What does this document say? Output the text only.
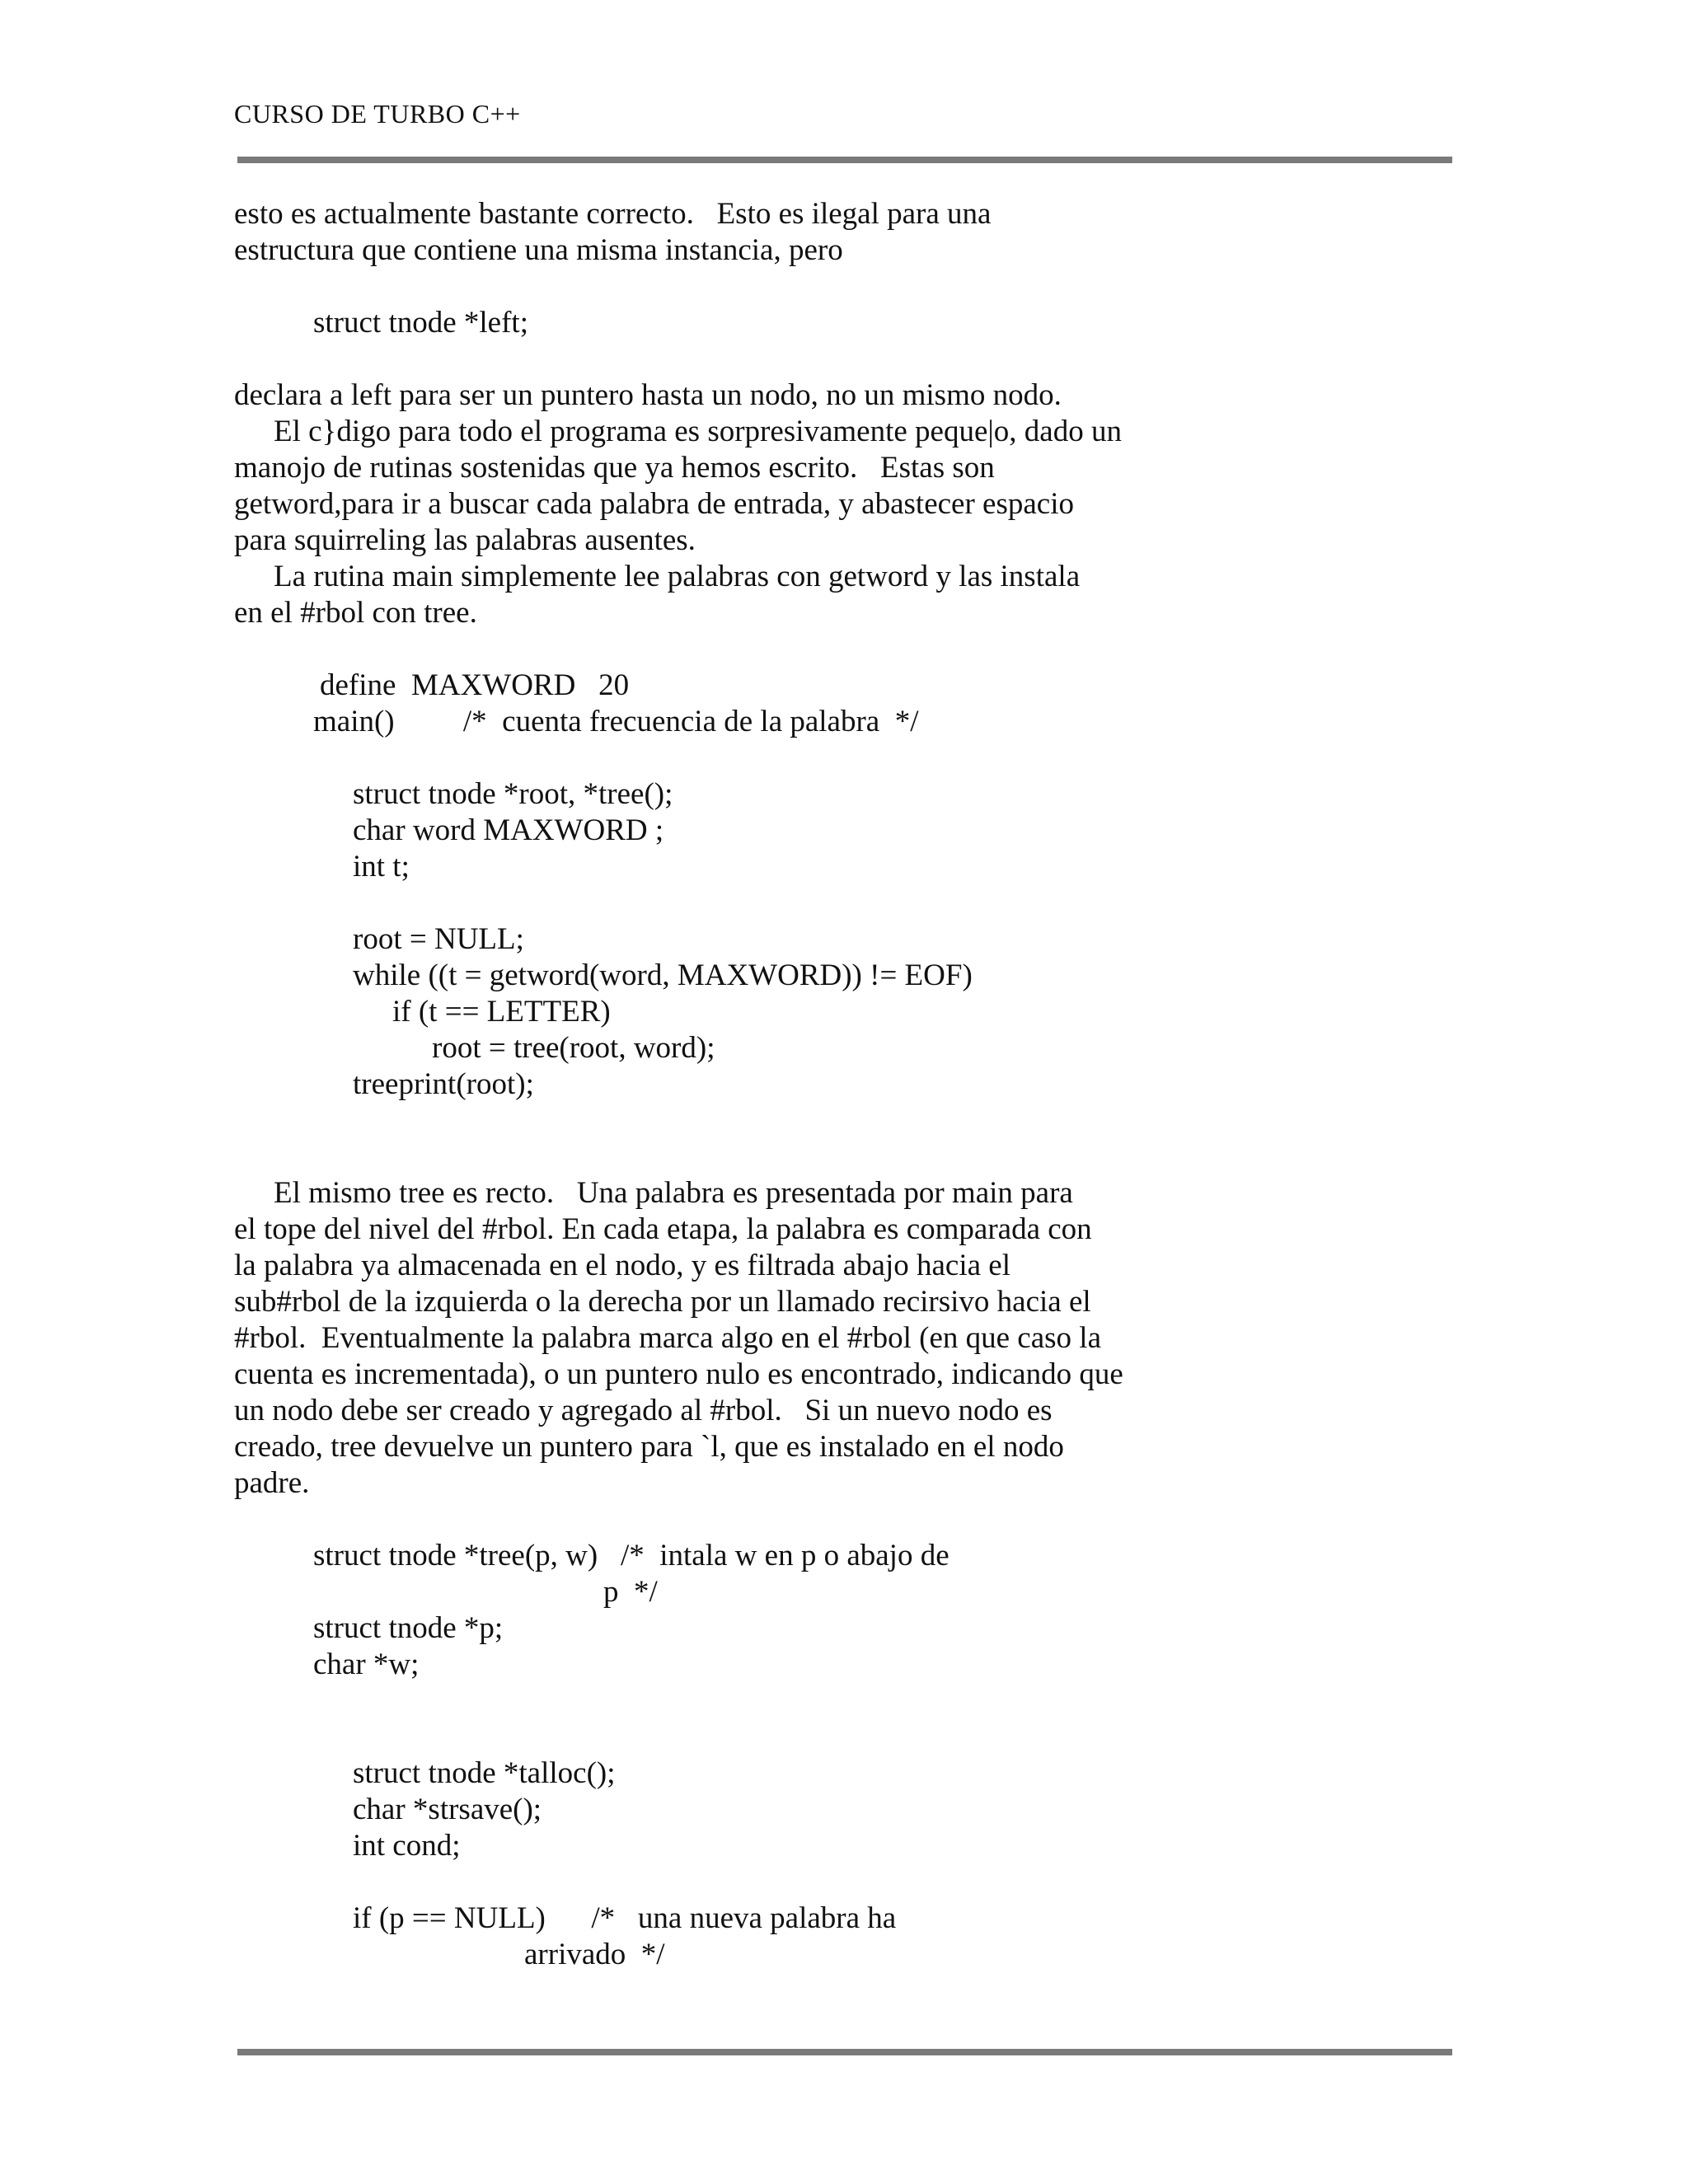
CURSO DE TURBO C++
esto es actualmente bastante correcto.   Esto es ilegal para una
estructura que contiene una misma instancia, pero
struct tnode *left;
declara a left para ser un puntero hasta un nodo, no un mismo nodo.
El c}digo para todo el programa es sorpresivamente peque|o, dado un
manojo de rutinas sostenidas que ya hemos escrito.   Estas son
getword,para ir a buscar cada palabra de entrada, y abastecer espacio
para squirreling las palabras ausentes.
La rutina main simplemente lee palabras con getword y las instala
en el #rbol con tree.
define  MAXWORD   20
main()         /*  cuenta frecuencia de la palabra  */
struct tnode *root, *tree();
char word MAXWORD ;
int t;
root = NULL;
while ((t = getword(word, MAXWORD)) != EOF)
if (t == LETTER)
root = tree(root, word);
treeprint(root);
El mismo tree es recto.   Una palabra es presentada por main para
el tope del nivel del #rbol. En cada etapa, la palabra es comparada con
la palabra ya almacenada en el nodo, y es filtrada abajo hacia el
sub#rbol de la izquierda o la derecha por un llamado recirsivo hacia el
#rbol.  Eventualmente la palabra marca algo en el #rbol (en que caso la
cuenta es incrementada), o un puntero nulo es encontrado, indicando que
un nodo debe ser creado y agregado al #rbol.   Si un nuevo nodo es
creado, tree devuelve un puntero para `l, que es instalado en el nodo
padre.
struct tnode *tree(p, w)   /*  intala w en p o abajo de
p  */
struct tnode *p;
char *w;
struct tnode *talloc();
char *strsave();
int cond;
if (p == NULL)      /*   una nueva palabra ha
arrivado  */
